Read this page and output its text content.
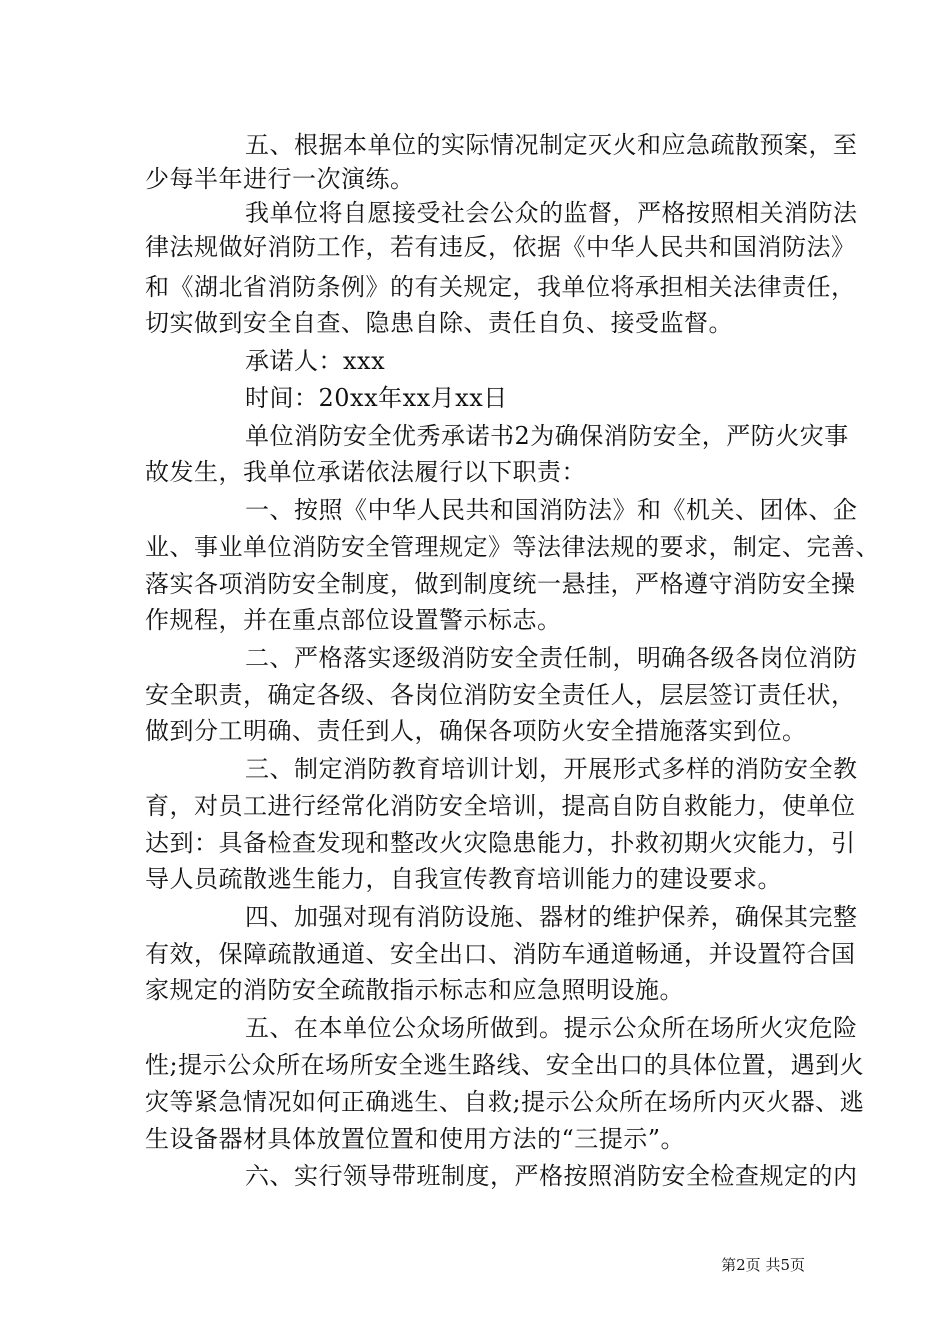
五、根据本单位的实际情况制定灭火和应急疏散预案，至
少每半年进行一次演练。
我单位将自愿接受社会公众的监督，严格按照相关消防法
律法规做好消防工作，若有违反，依据《中华人民共和国消防法》
和《湖北省消防条例》的有关规定，我单位将承担相关法律责任，
切实做到安全自查、隐患自除、责任自负、接受监督。
承诺人：xxx
时间：20xx年xx月xx日
单位消防安全优秀承诺书2为确保消防安全，严防火灾事
故发生，我单位承诺依法履行以下职责：
一、按照《中华人民共和国消防法》和《机关、团体、企
业、事业单位消防安全管理规定》等法律法规的要求，制定、完善、
落实各项消防安全制度，做到制度统一悬挂，严格遵守消防安全操
作规程，并在重点部位设置警示标志。
二、严格落实逐级消防安全责任制，明确各级各岗位消防
安全职责，确定各级、各岗位消防安全责任人，层层签订责任状，
做到分工明确、责任到人，确保各项防火安全措施落实到位。
三、制定消防教育培训计划，开展形式多样的消防安全教
育，对员工进行经常化消防安全培训，提高自防自救能力，使单位
达到：具备检查发现和整改火灾隐患能力，扑救初期火灾能力，引
导人员疏散逃生能力，自我宣传教育培训能力的建设要求。
四、加强对现有消防设施、器材的维护保养，确保其完整
有效，保障疏散通道、安全出口、消防车通道畅通，并设置符合国
家规定的消防安全疏散指示标志和应急照明设施。
五、在本单位公众场所做到。提示公众所在场所火灾危险
性;提示公众所在场所安全逃生路线、安全出口的具体位置，遇到火
灾等紧急情况如何正确逃生、自救;提示公众所在场所内灭火器、逃
生设备器材具体放置位置和使用方法的“三提示”。
六、实行领导带班制度，严格按照消防安全检查规定的内
第2页 共5页
